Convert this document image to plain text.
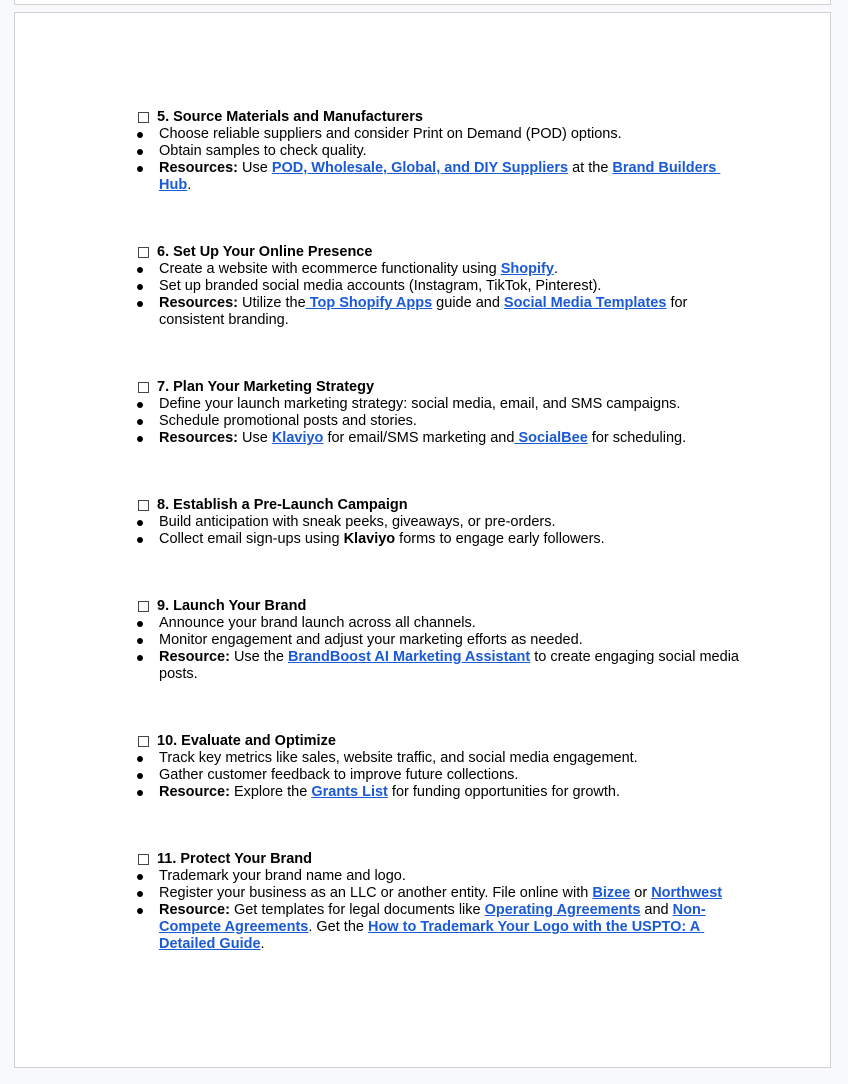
5. Source Materials and Manufacturers
Choose reliable suppliers and consider Print on Demand (POD) options.
Obtain samples to check quality.
Resources: Use POD, Wholesale, Global, and DIY Suppliers at the Brand Builders Hub.
6. Set Up Your Online Presence
Create a website with ecommerce functionality using Shopify.
Set up branded social media accounts (Instagram, TikTok, Pinterest).
Resources: Utilize the Top Shopify Apps guide and Social Media Templates for consistent branding.
7. Plan Your Marketing Strategy
Define your launch marketing strategy: social media, email, and SMS campaigns.
Schedule promotional posts and stories.
Resources: Use Klaviyo for email/SMS marketing and SocialBee for scheduling.
8. Establish a Pre-Launch Campaign
Build anticipation with sneak peeks, giveaways, or pre-orders.
Collect email sign-ups using Klaviyo forms to engage early followers.
9. Launch Your Brand
Announce your brand launch across all channels.
Monitor engagement and adjust your marketing efforts as needed.
Resource: Use the BrandBoost AI Marketing Assistant to create engaging social media posts.
10. Evaluate and Optimize
Track key metrics like sales, website traffic, and social media engagement.
Gather customer feedback to improve future collections.
Resource: Explore the Grants List for funding opportunities for growth.
11. Protect Your Brand
Trademark your brand name and logo.
Register your business as an LLC or another entity. File online with Bizee or Northwest
Resource: Get templates for legal documents like Operating Agreements and Non-Compete Agreements. Get the How to Trademark Your Logo with the USPTO: A Detailed Guide.
